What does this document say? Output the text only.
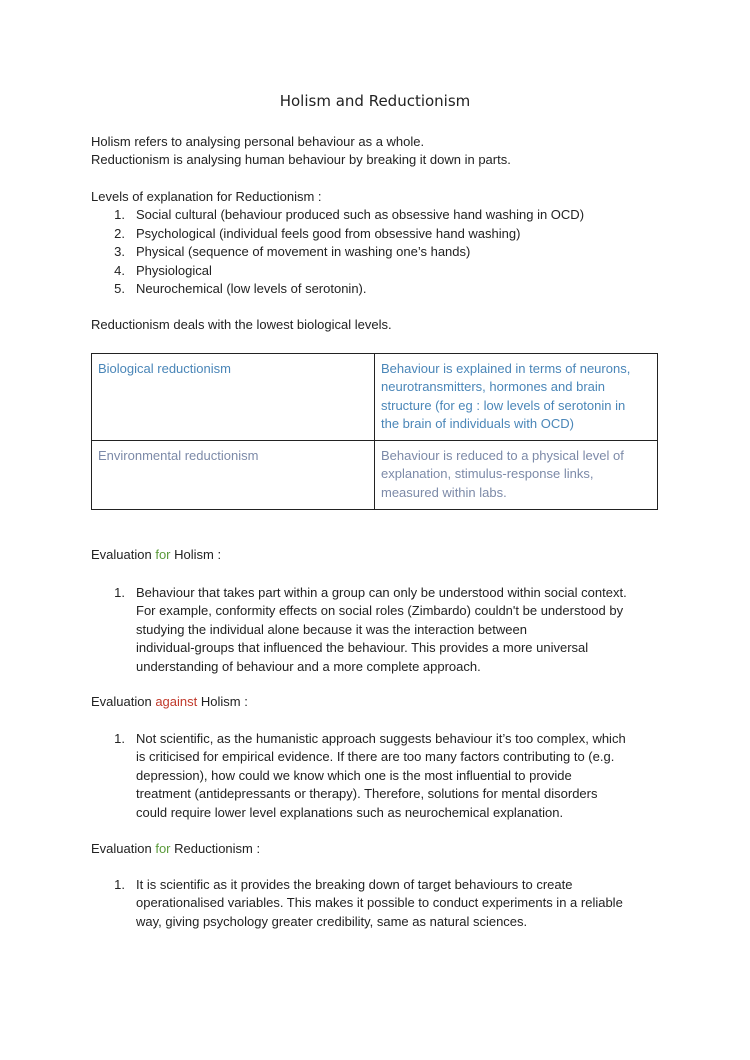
Holism and Reductionism
Holism refers to analysing personal behaviour as a whole.
Reductionism is analysing human behaviour by breaking it down in parts.
Levels of explanation for Reductionism :
1. Social cultural (behaviour produced such as obsessive hand washing in OCD)
2. Psychological (individual feels good from obsessive hand washing)
3. Physical (sequence of movement in washing one’s hands)
4. Physiological
5. Neurochemical (low levels of serotonin).
Reductionism deals with the lowest biological levels.
Biological reductionism	Behaviour is explained in terms of neurons,
neurotransmitters, hormones and brain
structure (for eg : low levels of serotonin in
the brain of individuals with OCD)

Environmental reductionism	Behaviour is reduced to a physical level of
explanation, stimulus-response links,
measured within labs.
Evaluation for Holism :
1. Behaviour that takes part within a group can only be understood within social context.
For example, conformity effects on social roles (Zimbardo) couldn't be understood by
studying the individual alone because it was the interaction between
individual-groups that influenced the behaviour. This provides a more universal
understanding of behaviour and a more complete approach.
Evaluation against Holism :
1. Not scientific, as the humanistic approach suggests behaviour it’s too complex, which
is criticised for empirical evidence. If there are too many factors contributing to (e.g.
depression), how could we know which one is the most influential to provide
treatment (antidepressants or therapy). Therefore, solutions for mental disorders
could require lower level explanations such as neurochemical explanation.
Evaluation for Reductionism :
1. It is scientific as it provides the breaking down of target behaviours to create
operationalised variables. This makes it possible to conduct experiments in a reliable
way, giving psychology greater credibility, same as natural sciences.
